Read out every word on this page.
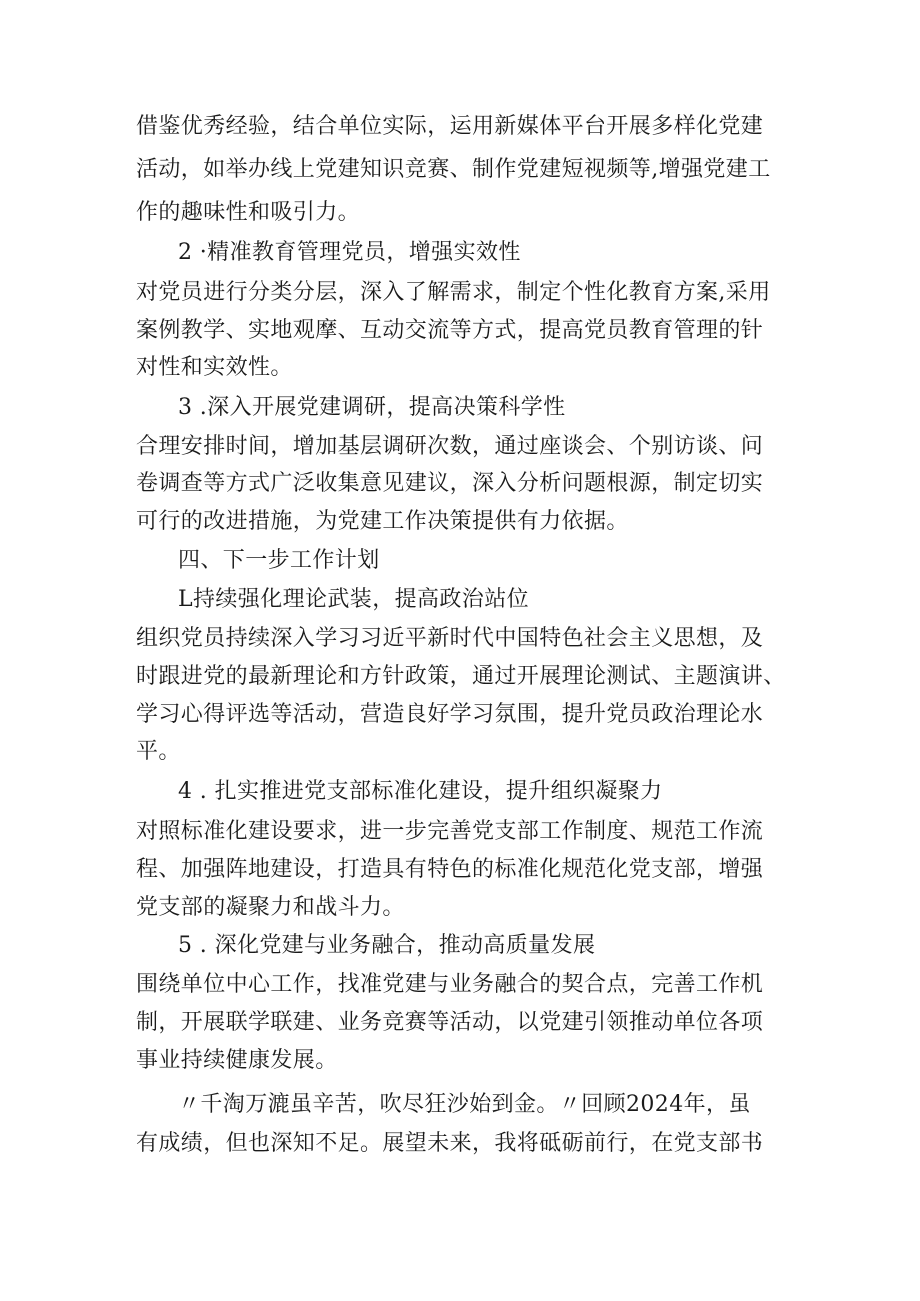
借鉴优秀经验，结合单位实际，运用新媒体平台开展多样化党建
活动，如举办线上党建知识竞赛、制作党建短视频等,增强党建工
作的趣味性和吸引力。
2 ·精准教育管理党员，增强实效性
对党员进行分类分层，深入了解需求，制定个性化教育方案,采用
案例教学、实地观摩、互动交流等方式，提高党员教育管理的针
对性和实效性。
3 .深入开展党建调研，提高决策科学性
合理安排时间，增加基层调研次数，通过座谈会、个别访谈、问
卷调查等方式广泛收集意见建议，深入分析问题根源，制定切实
可行的改进措施，为党建工作决策提供有力依据。
四、下一步工作计划
L持续强化理论武装，提高政治站位
组织党员持续深入学习习近平新时代中国特色社会主义思想，及
时跟进党的最新理论和方针政策，通过开展理论测试、主题演讲、
学习心得评选等活动，营造良好学习氛围，提升党员政治理论水
平。
4 . 扎实推进党支部标准化建设，提升组织凝聚力
对照标准化建设要求，进一步完善党支部工作制度、规范工作流
程、加强阵地建设，打造具有特色的标准化规范化党支部，增强
党支部的凝聚力和战斗力。
5 . 深化党建与业务融合，推动高质量发展
围绕单位中心工作，找准党建与业务融合的契合点，完善工作机
制，开展联学联建、业务竞赛等活动，以党建引领推动单位各项
事业持续健康发展。
〃千淘万漉虽辛苦，吹尽狂沙始到金。〃回顾2024年，虽
有成绩，但也深知不足。展望未来，我将砥砺前行，在党支部书
